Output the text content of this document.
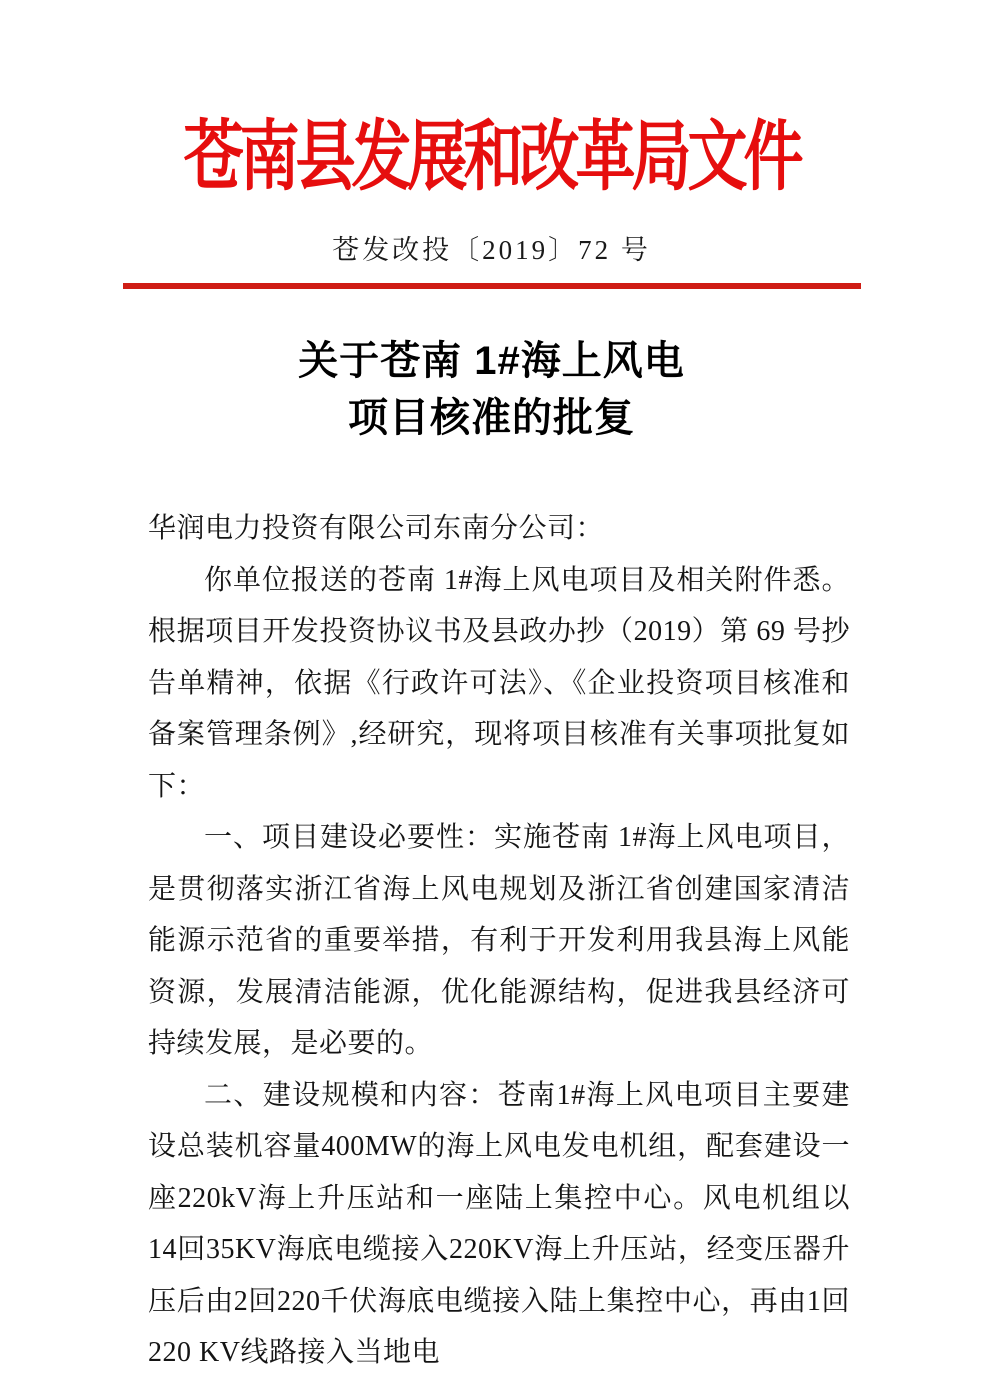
苍南县发展和改革局文件
苍发改投〔2019〕72 号
关于苍南 1#海上风电
项目核准的批复

华润电力投资有限公司东南分公司：

你单位报送的苍南 1#海上风电项目及相关附件悉。根据项目开发投资协议书及县政办抄（2019）第 69 号抄告单精神，依据《行政许可法》、《企业投资项目核准和备案管理条例》,经研究，现将项目核准有关事项批复如下：

一、项目建设必要性：实施苍南 1#海上风电项目，是贯彻落实浙江省海上风电规划及浙江省创建国家清洁能源示范省的重要举措，有利于开发利用我县海上风能资源，发展清洁能源，优化能源结构，促进我县经济可持续发展，是必要的。

二、建设规模和内容：苍南1#海上风电项目主要建设总装机容量400MW的海上风电发电机组，配套建设一座220kV海上升压站和一座陆上集控中心。风电机组以14回35KV海底电缆接入220KV海上升压站，经变压器升压后由2回220千伏海底电缆接入陆上集控中心，再由1回220 KV线路接入当地电
